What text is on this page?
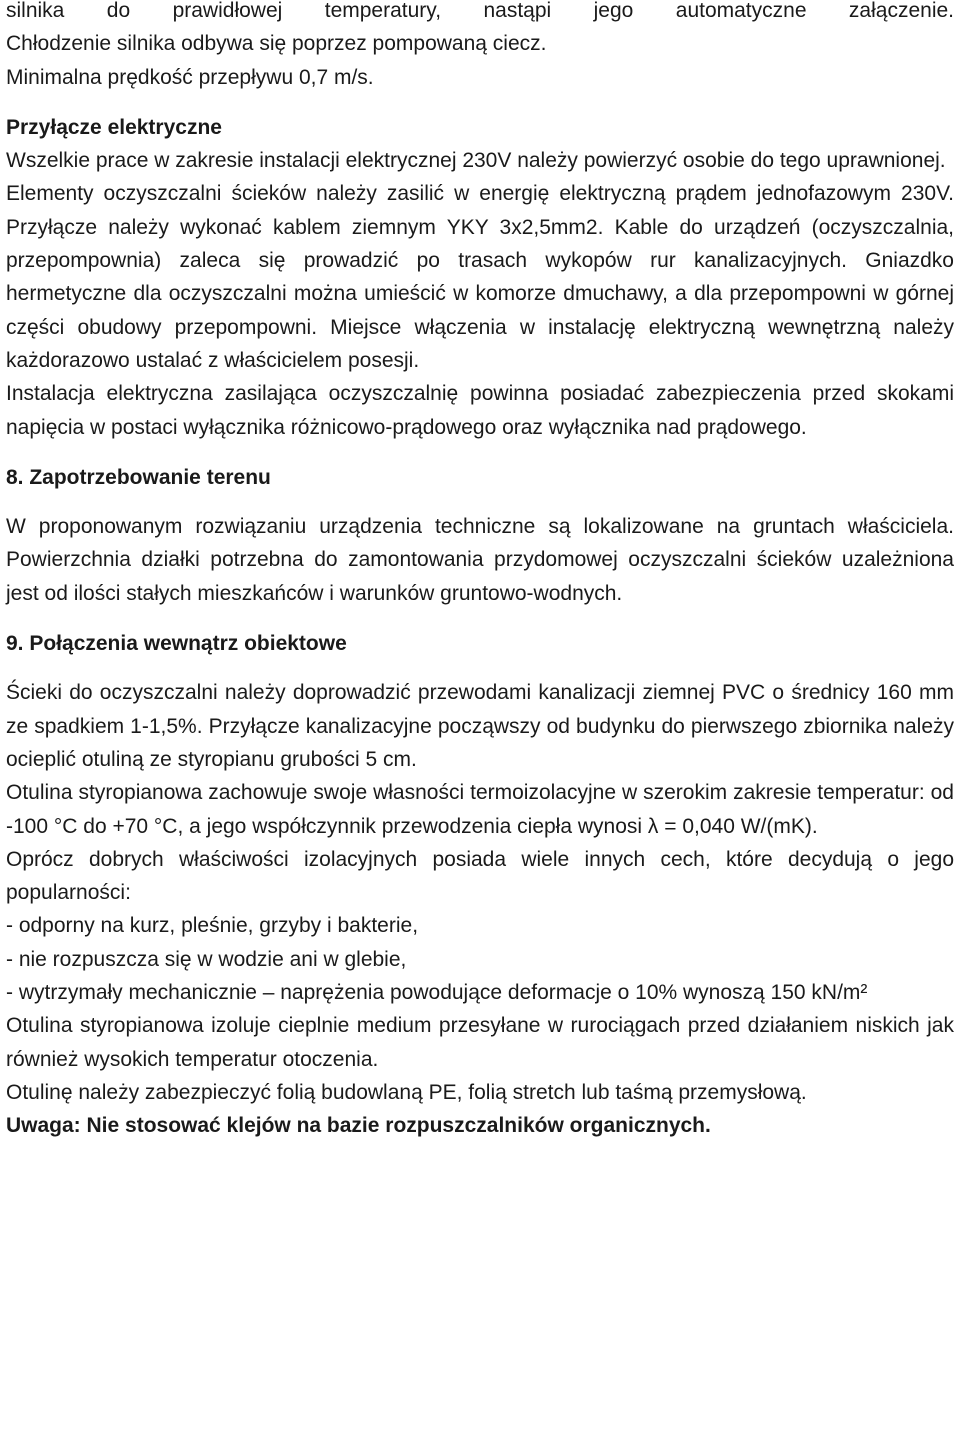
silnika do prawidłowej temperatury, nastąpi jego automatyczne załączenie.

Chłodzenie silnika odbywa się poprzez pompowaną ciecz.

Minimalna prędkość przepływu 0,7 m/s.

Przyłącze elektryczne

Wszelkie prace w zakresie instalacji elektrycznej 230V należy powierzyć osobie do tego uprawnionej.

Elementy oczyszczalni ścieków należy zasilić w energię elektryczną prądem jednofazowym 230V. Przyłącze należy wykonać kablem ziemnym YKY 3x2,5mm2. Kable do urządzeń (oczyszczalnia, przepompownia) zaleca się prowadzić po trasach wykopów rur kanalizacyjnych. Gniazdko hermetyczne dla oczyszczalni można umieścić w komorze dmuchawy, a dla przepompowni w górnej części obudowy przepompowni. Miejsce włączenia w instalację elektryczną wewnętrzną należy każdorazowo ustalać z właścicielem posesji.

Instalacja elektryczna zasilająca oczyszczalnię powinna posiadać zabezpieczenia przed skokami napięcia w postaci wyłącznika różnicowo-prądowego oraz wyłącznika nad prądowego.

8. Zapotrzebowanie terenu

W proponowanym rozwiązaniu urządzenia techniczne są lokalizowane na gruntach właściciela. Powierzchnia działki potrzebna do zamontowania przydomowej oczyszczalni ścieków uzależniona jest od ilości stałych mieszkańców i warunków gruntowo-wodnych.

9. Połączenia wewnątrz obiektowe

Ścieki do oczyszczalni należy doprowadzić przewodami kanalizacji ziemnej PVC o średnicy 160 mm ze spadkiem 1-1,5%. Przyłącze kanalizacyjne począwszy od budynku do pierwszego zbiornika należy ocieplić otuliną ze styropianu grubości 5 cm.

Otulina styropianowa zachowuje swoje własności termoizolacyjne w szerokim zakresie temperatur: od -100 °C do +70 °C, a jego współczynnik przewodzenia ciepła wynosi λ = 0,040 W/(mK).

Oprócz dobrych właściwości izolacyjnych posiada wiele innych cech, które decydują o jego popularności:

- odporny na kurz, pleśnie, grzyby i bakterie,

- nie rozpuszcza się w wodzie ani w glebie,

- wytrzymały mechanicznie – naprężenia powodujące deformacje o 10% wynoszą 150 kN/m²

Otulina styropianowa izoluje cieplnie medium przesyłane w rurociągach przed działaniem niskich jak również wysokich temperatur otoczenia.

Otulinę należy zabezpieczyć folią budowlaną PE, folią stretch lub taśmą przemysłową.

Uwaga: Nie stosować klejów na bazie rozpuszczalników organicznych.
